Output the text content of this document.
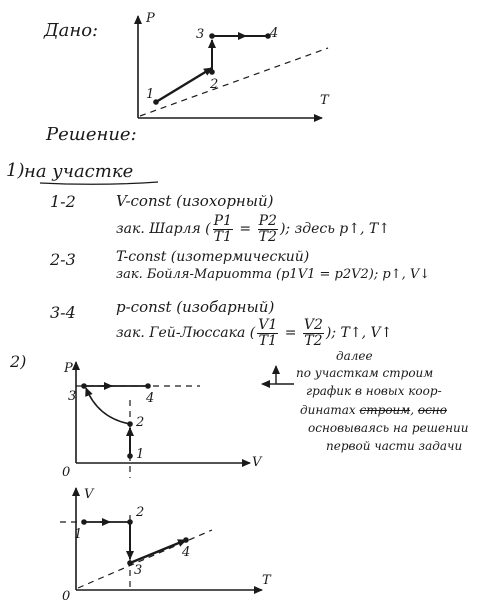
Дано:
P
T
1
2
3	4
Решение:
1) на участке
1-2	V-const (изохорный)
зак. Шарля ( $\frac{P1}{T1} = \frac{P2}{T2}$ ); здесь p↑, T↑
2-3	T-const (изотермический)
зак. Бойля-Мариотта (p1V1 = p2V2); p↑, V↓
3-4	p-const (изобарный)
зак. Гей-Люссака ( $\frac{V1}{T1} = \frac{V2}{T2}$ ); T↑, V↑
2)	P
V
0
1
2
3	4
V
T
0
1
2
3
4
далее
по участкам строим
график в новых коор-
динатах строим, осно
основываясь на решении
первой части задачи
